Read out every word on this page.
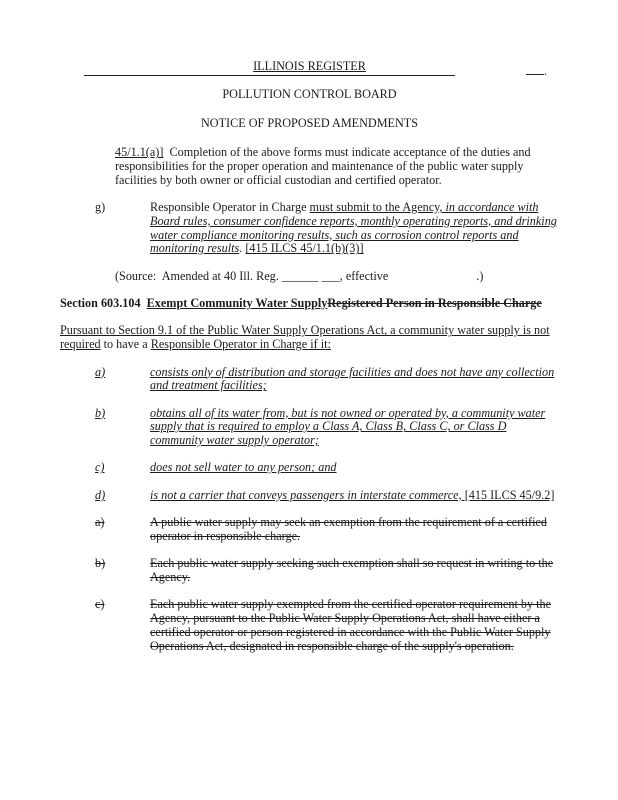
ILLINOIS REGISTER	.

POLLUTION CONTROL BOARD

NOTICE OF PROPOSED AMENDMENTS

45/1.1(a)]  Completion of the above forms must indicate acceptance of the duties and responsibilities for the proper operation and maintenance of the public water supply facilities by both owner or official custodian and certified operator.

g)	Responsible Operator in Charge must submit to the Agency, in accordance with Board rules, consumer confidence reports, monthly operating reports, and drinking water compliance monitoring results, such as corrosion control reports and monitoring results. [415 ILCS 45/1.1(b)(3)]

(Source:  Amended at 40 Ill. Reg. ______ ___, effective	.)

Section 603.104 Exempt Community Water SupplyRegistered Person in Responsible Charge

Pursuant to Section 9.1 of the Public Water Supply Operations Act, a community water supply is not required to have a Responsible Operator in Charge if it:

a)	consists only of distribution and storage facilities and does not have any collection and treatment facilities;
b)	obtains all of its water from, but is not owned or operated by, a community water supply that is required to employ a Class A, Class B, Class C, or Class D community water supply operator;
c)	does not sell water to any person; and
d)	is not a carrier that conveys passengers in interstate commerce, [415 ILCS 45/9.2]
a)	A public water supply may seek an exemption from the requirement of a certified operator in responsible charge.
b)	Each public water supply seeking such exemption shall so request in writing to the Agency.
c)	Each public water supply exempted from the certified operator requirement by the Agency, pursuant to the Public Water Supply Operations Act, shall have either a certified operator or person registered in accordance with the Public Water Supply Operations Act, designated in responsible charge of the supply's operation.
